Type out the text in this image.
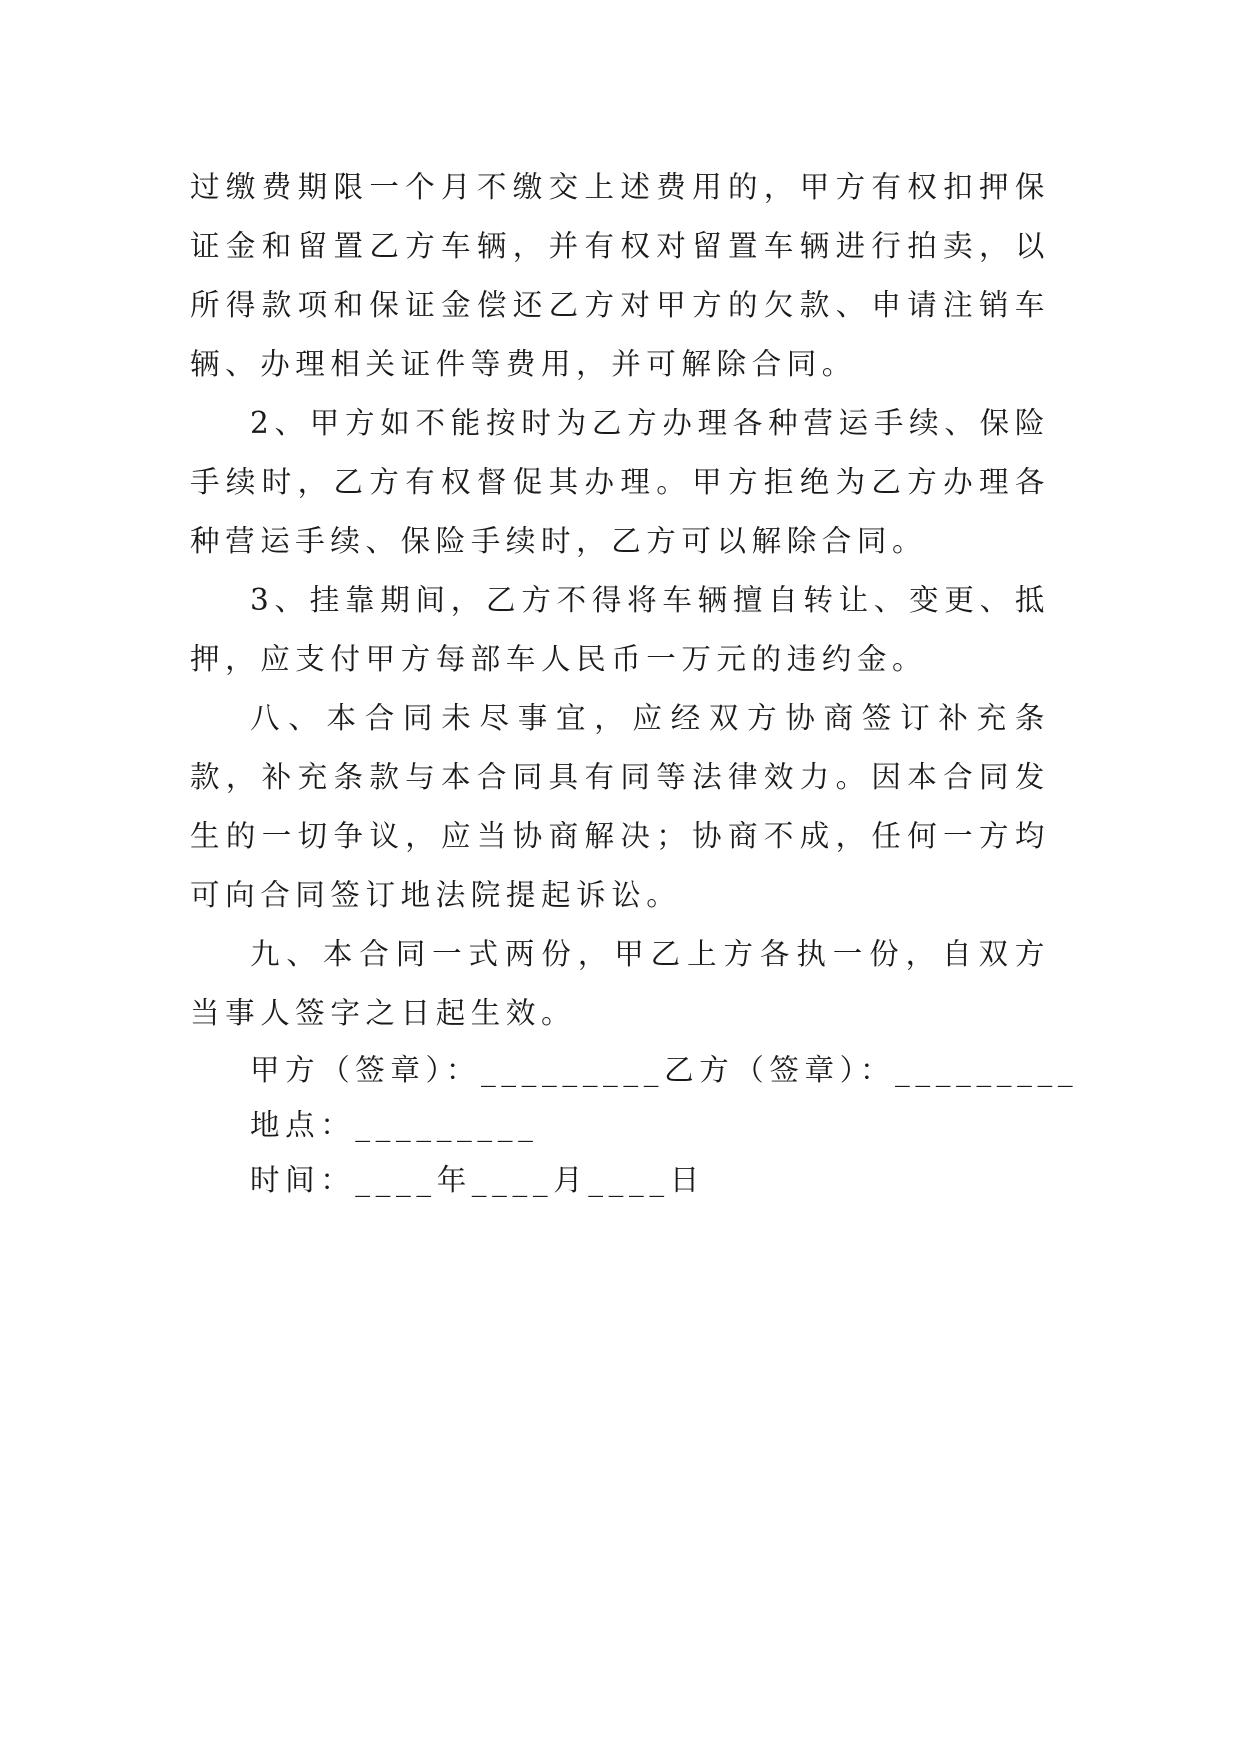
过缴费期限一个月不缴交上述费用的，甲方有权扣押保证金和留置乙方车辆，并有权对留置车辆进行拍卖，以所得款项和保证金偿还乙方对甲方的欠款、申请注销车辆、办理相关证件等费用，并可解除合同。

2、甲方如不能按时为乙方办理各种营运手续、保险手续时，乙方有权督促其办理。甲方拒绝为乙方办理各种营运手续、保险手续时，乙方可以解除合同。

3、挂靠期间，乙方不得将车辆擅自转让、变更、抵押，应支付甲方每部车人民币一万元的违约金。

八、本合同未尽事宜，应经双方协商签订补充条款，补充条款与本合同具有同等法律效力。因本合同发生的一切争议，应当协商解决；协商不成，任何一方均可向合同签订地法院提起诉讼。

九、本合同一式两份，甲乙上方各执一份，自双方当事人签字之日起生效。

甲方（签章）：_________乙方（签章）：_________

地点：_________

时间：____年____月____日
